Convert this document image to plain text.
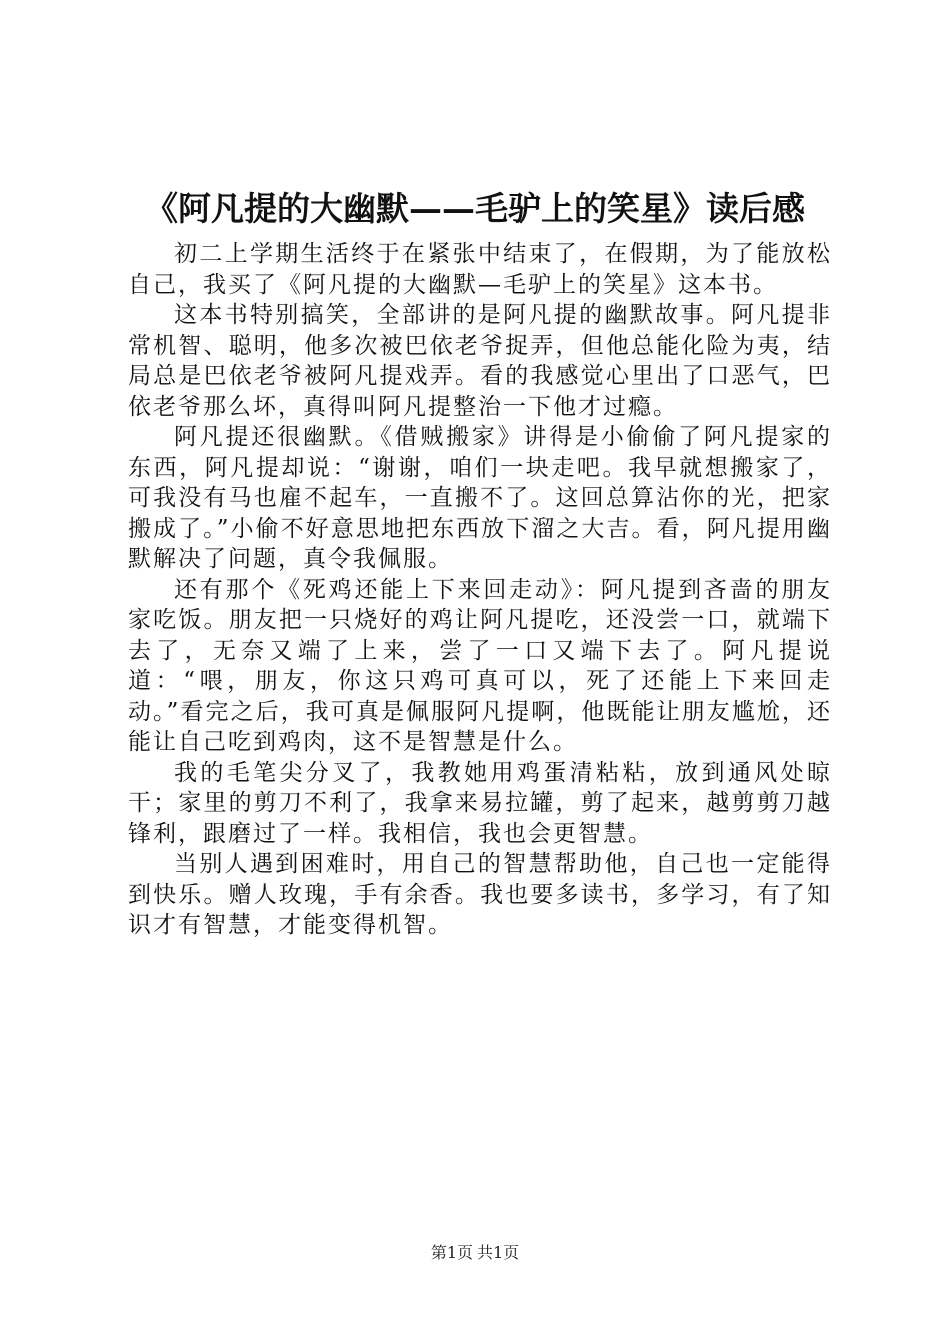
《阿凡提的大幽默——毛驴上的笑星》读后感

初二上学期生活终于在紧张中结束了，在假期，为了能放松自己，我买了《阿凡提的大幽默—毛驴上的笑星》这本书。

这本书特别搞笑，全部讲的是阿凡提的幽默故事。阿凡提非常机智、聪明，他多次被巴依老爷捉弄，但他总能化险为夷，结局总是巴依老爷被阿凡提戏弄。看的我感觉心里出了口恶气，巴依老爷那么坏，真得叫阿凡提整治一下他才过瘾。

阿凡提还很幽默。《借贼搬家》讲得是小偷偷了阿凡提家的东西，阿凡提却说：“谢谢，咱们一块走吧。我早就想搬家了，可我没有马也雇不起车，一直搬不了。这回总算沾你的光，把家搬成了。”小偷不好意思地把东西放下溜之大吉。看，阿凡提用幽默解决了问题，真令我佩服。

还有那个《死鸡还能上下来回走动》：阿凡提到吝啬的朋友家吃饭。朋友把一只烧好的鸡让阿凡提吃，还没尝一口，就端下去了，无奈又端了上来，尝了一口又端下去了。阿凡提说道：“喂，朋友，你这只鸡可真可以，死了还能上下来回走动。”看完之后，我可真是佩服阿凡提啊，他既能让朋友尴尬，还能让自己吃到鸡肉，这不是智慧是什么。

我的毛笔尖分叉了，我教她用鸡蛋清粘粘，放到通风处晾干；家里的剪刀不利了，我拿来易拉罐，剪了起来，越剪剪刀越锋利，跟磨过了一样。我相信，我也会更智慧。

当别人遇到困难时，用自己的智慧帮助他，自己也一定能得到快乐。赠人玫瑰，手有余香。我也要多读书，多学习，有了知识才有智慧，才能变得机智。

第1页 共1页
